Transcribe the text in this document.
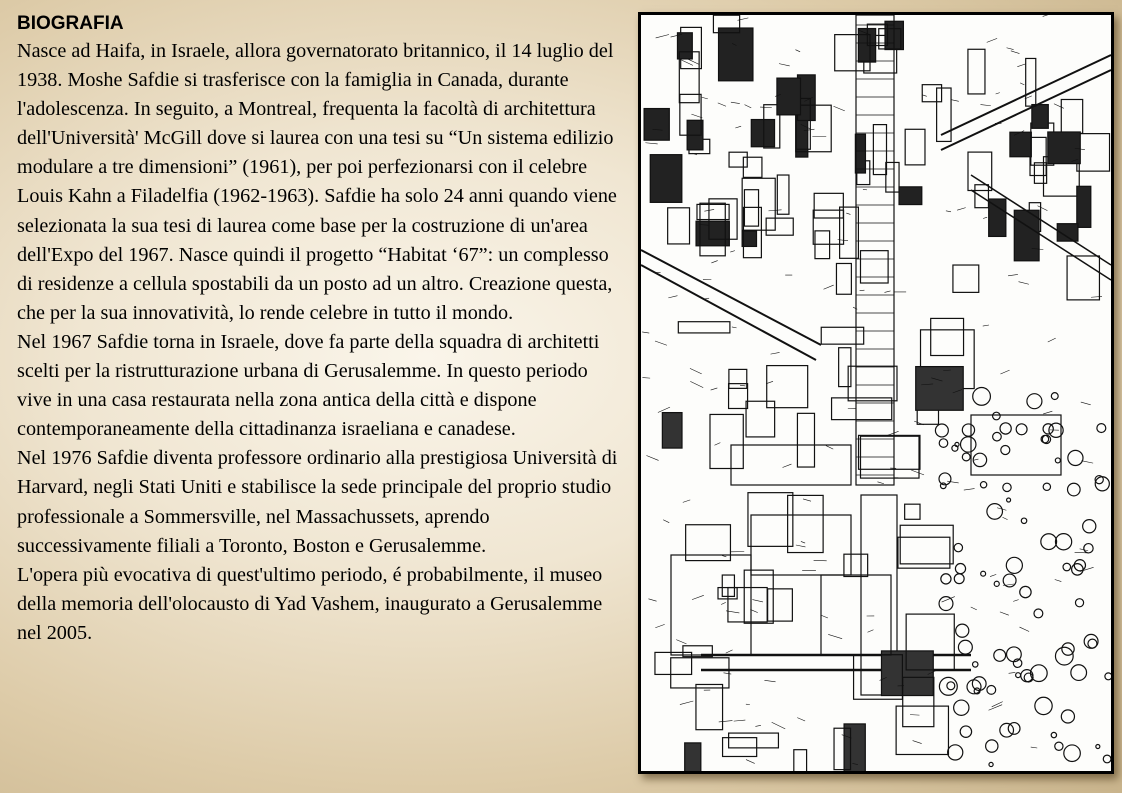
BIOGRAFIA
Nasce ad Haifa, in Israele, allora governatorato britannico, il 14 luglio del 1938. Moshe Safdie si trasferisce con la famiglia in Canada, durante l'adolescenza. In seguito, a Montreal, frequenta la facoltà di architettura dell'Università' McGill dove si laurea con una tesi su “Un sistema edilizio modulare a tre dimensioni” (1961), per poi perfezionarsi con il celebre Louis Kahn a Filadelfia (1962-1963). Safdie ha solo 24 anni quando viene selezionata la sua tesi di laurea come base per la costruzione di un'area dell'Expo del 1967. Nasce quindi il progetto “Habitat ‘67”: un complesso di residenze a cellula spostabili da un posto ad un altro. Creazione questa, che per la sua innovatività, lo rende celebre in tutto il mondo.
Nel 1967 Safdie torna in Israele, dove fa parte della squadra di architetti scelti per la ristrutturazione urbana di Gerusalemme. In questo periodo vive in una casa restaurata nella zona antica della città e dispone contemporaneamente della cittadinanza israeliana e canadese.
Nel 1976 Safdie diventa professore ordinario alla prestigiosa Università di Harvard, negli Stati Uniti e stabilisce la sede principale del proprio studio professionale a Sommersville, nel Massachussets, aprendo successivamente filiali a Toronto, Boston e Gerusalemme.
L'opera più evocativa di quest'ultimo periodo, é probabilmente, il museo della memoria dell'olocausto di Yad Vashem, inaugurato a Gerusalemme nel 2005.
